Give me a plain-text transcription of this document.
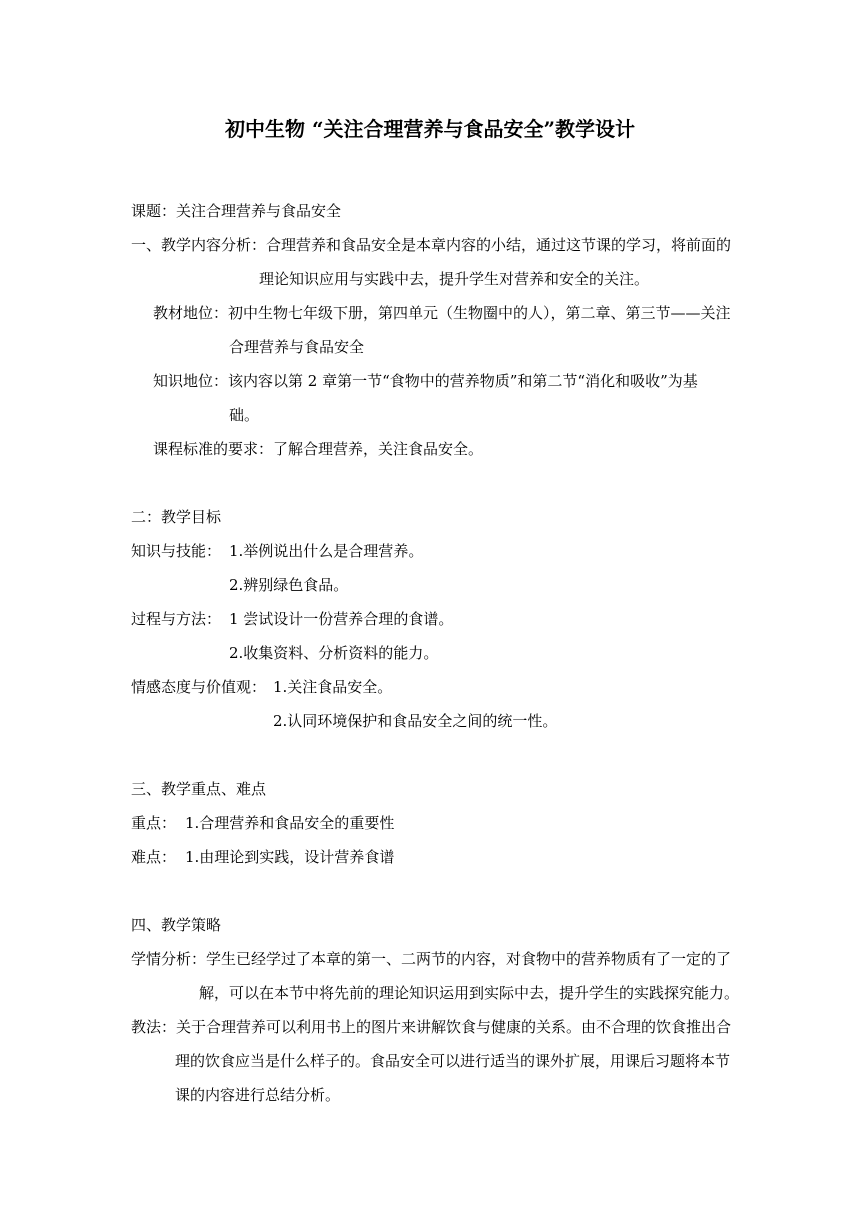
初中生物 “关注合理营养与食品安全”教学设计
课题：关注合理营养与食品安全
一、教学内容分析：合理营养和食品安全是本章内容的小结，通过这节课的学习，将前面的
理论知识应用与实践中去，提升学生对营养和安全的关注。
教材地位：初中生物七年级下册，第四单元（生物圈中的人），第二章、第三节——关注
合理营养与食品安全
知识地位：该内容以第 2 章第一节“食物中的营养物质”和第二节“消化和吸收”为基
础。
课程标准的要求：了解合理营养，关注食品安全。
二：教学目标
知识与技能： 1.举例说出什么是合理营养。
2.辨别绿色食品。
过程与方法： 1 尝试设计一份营养合理的食谱。
2.收集资料、分析资料的能力。
情感态度与价值观： 1.关注食品安全。
2.认同环境保护和食品安全之间的统一性。
三、教学重点、难点
重点： 1.合理营养和食品安全的重要性
难点： 1.由理论到实践，设计营养食谱
四、教学策略
学情分析：学生已经学过了本章的第一、二两节的内容，对食物中的营养物质有了一定的了
解，可以在本节中将先前的理论知识运用到实际中去，提升学生的实践探究能力。
教法：关于合理营养可以利用书上的图片来讲解饮食与健康的关系。由不合理的饮食推出合
理的饮食应当是什么样子的。食品安全可以进行适当的课外扩展，用课后习题将本节
课的内容进行总结分析。
